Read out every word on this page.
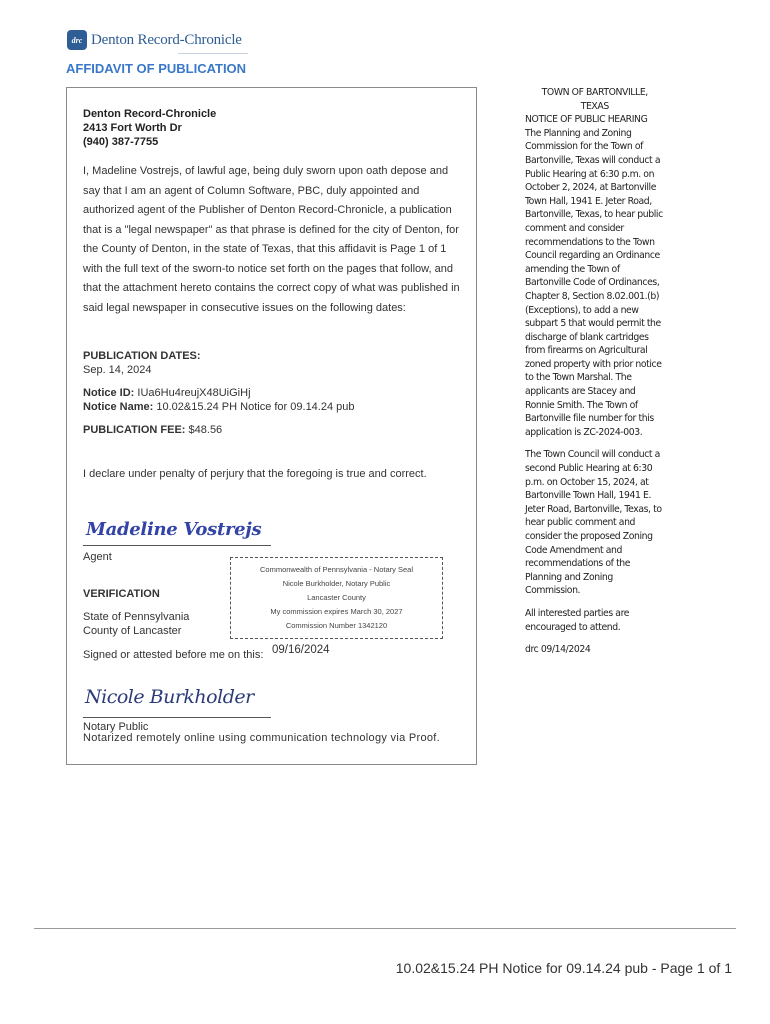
drc Denton Record-Chronicle
AFFIDAVIT OF PUBLICATION
Denton Record-Chronicle
2413 Fort Worth Dr
(940) 387-7755
I, Madeline Vostrejs, of lawful age, being duly sworn upon oath depose and say that I am an agent of Column Software, PBC, duly appointed and authorized agent of the Publisher of Denton Record-Chronicle, a publication that is a "legal newspaper" as that phrase is defined for the city of Denton, for the County of Denton, in the state of Texas, that this affidavit is Page 1 of 1 with the full text of the sworn-to notice set forth on the pages that follow, and that the attachment hereto contains the correct copy of what was published in said legal newspaper in consecutive issues on the following dates:
PUBLICATION DATES:
Sep. 14, 2024
Notice ID: IUa6Hu4reujX48UiGiHj
Notice Name: 10.02&15.24 PH Notice for 09.14.24 pub
PUBLICATION FEE: $48.56
I declare under penalty of perjury that the foregoing is true and correct.
Madeline Vostrejs
Agent
Commonwealth of Pennsylvania - Notary Seal
Nicole Burkholder, Notary Public
Lancaster County
My commission expires March 30, 2027
Commission Number 1342120
VERIFICATION
State of Pennsylvania
County of Lancaster
Signed or attested before me on this: 09/16/2024
Nicole Burkholder
Notary Public
Notarized remotely online using communication technology via Proof.

TOWN OF BARTONVILLE,

TEXAS

NOTICE OF PUBLIC HEARING

The Planning and Zoning Commission for the Town of Bartonville, Texas will conduct a Public Hearing at 6:30 p.m. on October 2, 2024, at Bartonville Town Hall, 1941 E. Jeter Road, Bartonville, Texas, to hear public comment and consider recommendations to the Town Council regarding an Ordinance amending the Town of Bartonville Code of Ordinances, Chapter 8, Section 8.02.001.(b) (Exceptions), to add a new subpart 5 that would permit the discharge of blank cartridges from firearms on Agricultural zoned property with prior notice to the Town Marshal. The applicants are Stacey and Ronnie Smith. The Town of Bartonville file number for this application is ZC-2024-003.

The Town Council will conduct a second Public Hearing at 6:30 p.m. on October 15, 2024, at Bartonville Town Hall, 1941 E. Jeter Road, Bartonville, Texas, to hear public comment and consider the proposed Zoning Code Amendment and recommendations of the Planning and Zoning Commission.

All interested parties are encouraged to attend.

drc 09/14/2024

10.02&15.24 PH Notice for 09.14.24 pub - Page 1 of 1
